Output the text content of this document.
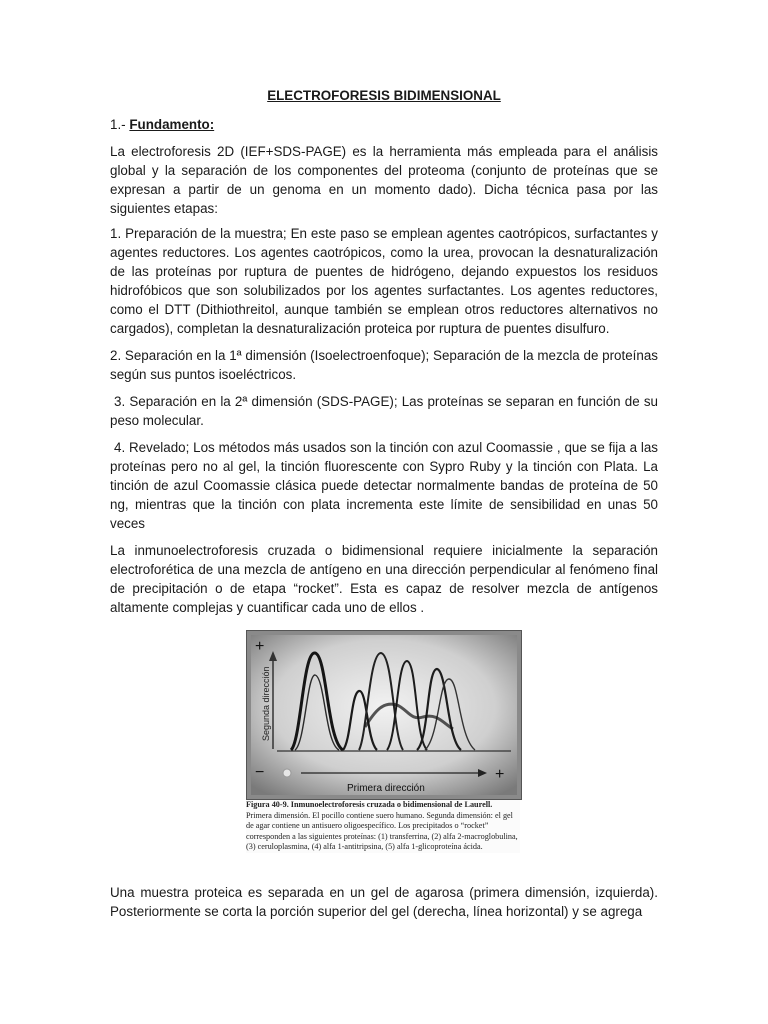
ELECTROFORESIS BIDIMENSIONAL
1.- Fundamento:

La electroforesis 2D (IEF+SDS-PAGE) es la herramienta más empleada para el análisis global y la separación de los componentes del proteoma (conjunto de proteínas que se expresan a partir de un genoma en un momento dado). Dicha técnica pasa por las siguientes etapas:

1. Preparación de la muestra; En este paso se emplean agentes caotrópicos, surfactantes y agentes reductores. Los agentes caotrópicos, como la urea, provocan la desnaturalización de las proteínas por ruptura de puentes de hidrógeno, dejando expuestos los residuos hidrofóbicos que son solubilizados por los agentes surfactantes. Los agentes reductores, como el DTT (Dithiothreitol, aunque también se emplean otros reductores alternativos no cargados), completan la desnaturalización proteica por ruptura de puentes disulfuro.

2. Separación en la 1ª dimensión (Isoelectroenfoque); Separación de la mezcla de proteínas según sus puntos isoeléctricos.

3. Separación en la 2ª dimensión (SDS-PAGE); Las proteínas se separan en función de su peso molecular.

4. Revelado; Los métodos más usados son la tinción con azul Coomassie , que se fija a las proteínas pero no al gel, la tinción fluorescente con Sypro Ruby y la tinción con Plata. La tinción de azul Coomassie clásica puede detectar normalmente bandas de proteína de 50 ng, mientras que la tinción con plata incrementa este límite de sensibilidad en unas 50 veces

La inmunoelectroforesis cruzada o bidimensional requiere inicialmente la separación electroforética de una mezcla de antígeno en una dirección perpendicular al fenómeno final de precipitación o de etapa “rocket”. Esta es capaz de resolver mezcla de antígenos altamente complejas y cuantificar cada uno de ellos .

Una muestra proteica es separada en un gel de agarosa (primera dimensión, izquierda). Posteriormente se corta la porción superior del gel (derecha, línea horizontal) y se agrega

+
Segunda dirección
−	+
Primera dirección
Figura 40-9. Inmunoelectroforesis cruzada o bidimensional de Laurell. Primera dimensión. El pocillo contiene suero humano. Segunda dimensión: el gel de agar contiene un antisuero oligoespecífico. Los precipitados o “rocket” corresponden a las siguientes proteínas: (1) transferrina, (2) alfa 2-macroglobulina, (3) ceruloplasmina, (4) alfa 1-antitripsina, (5) alfa 1-glicoproteína ácida.
